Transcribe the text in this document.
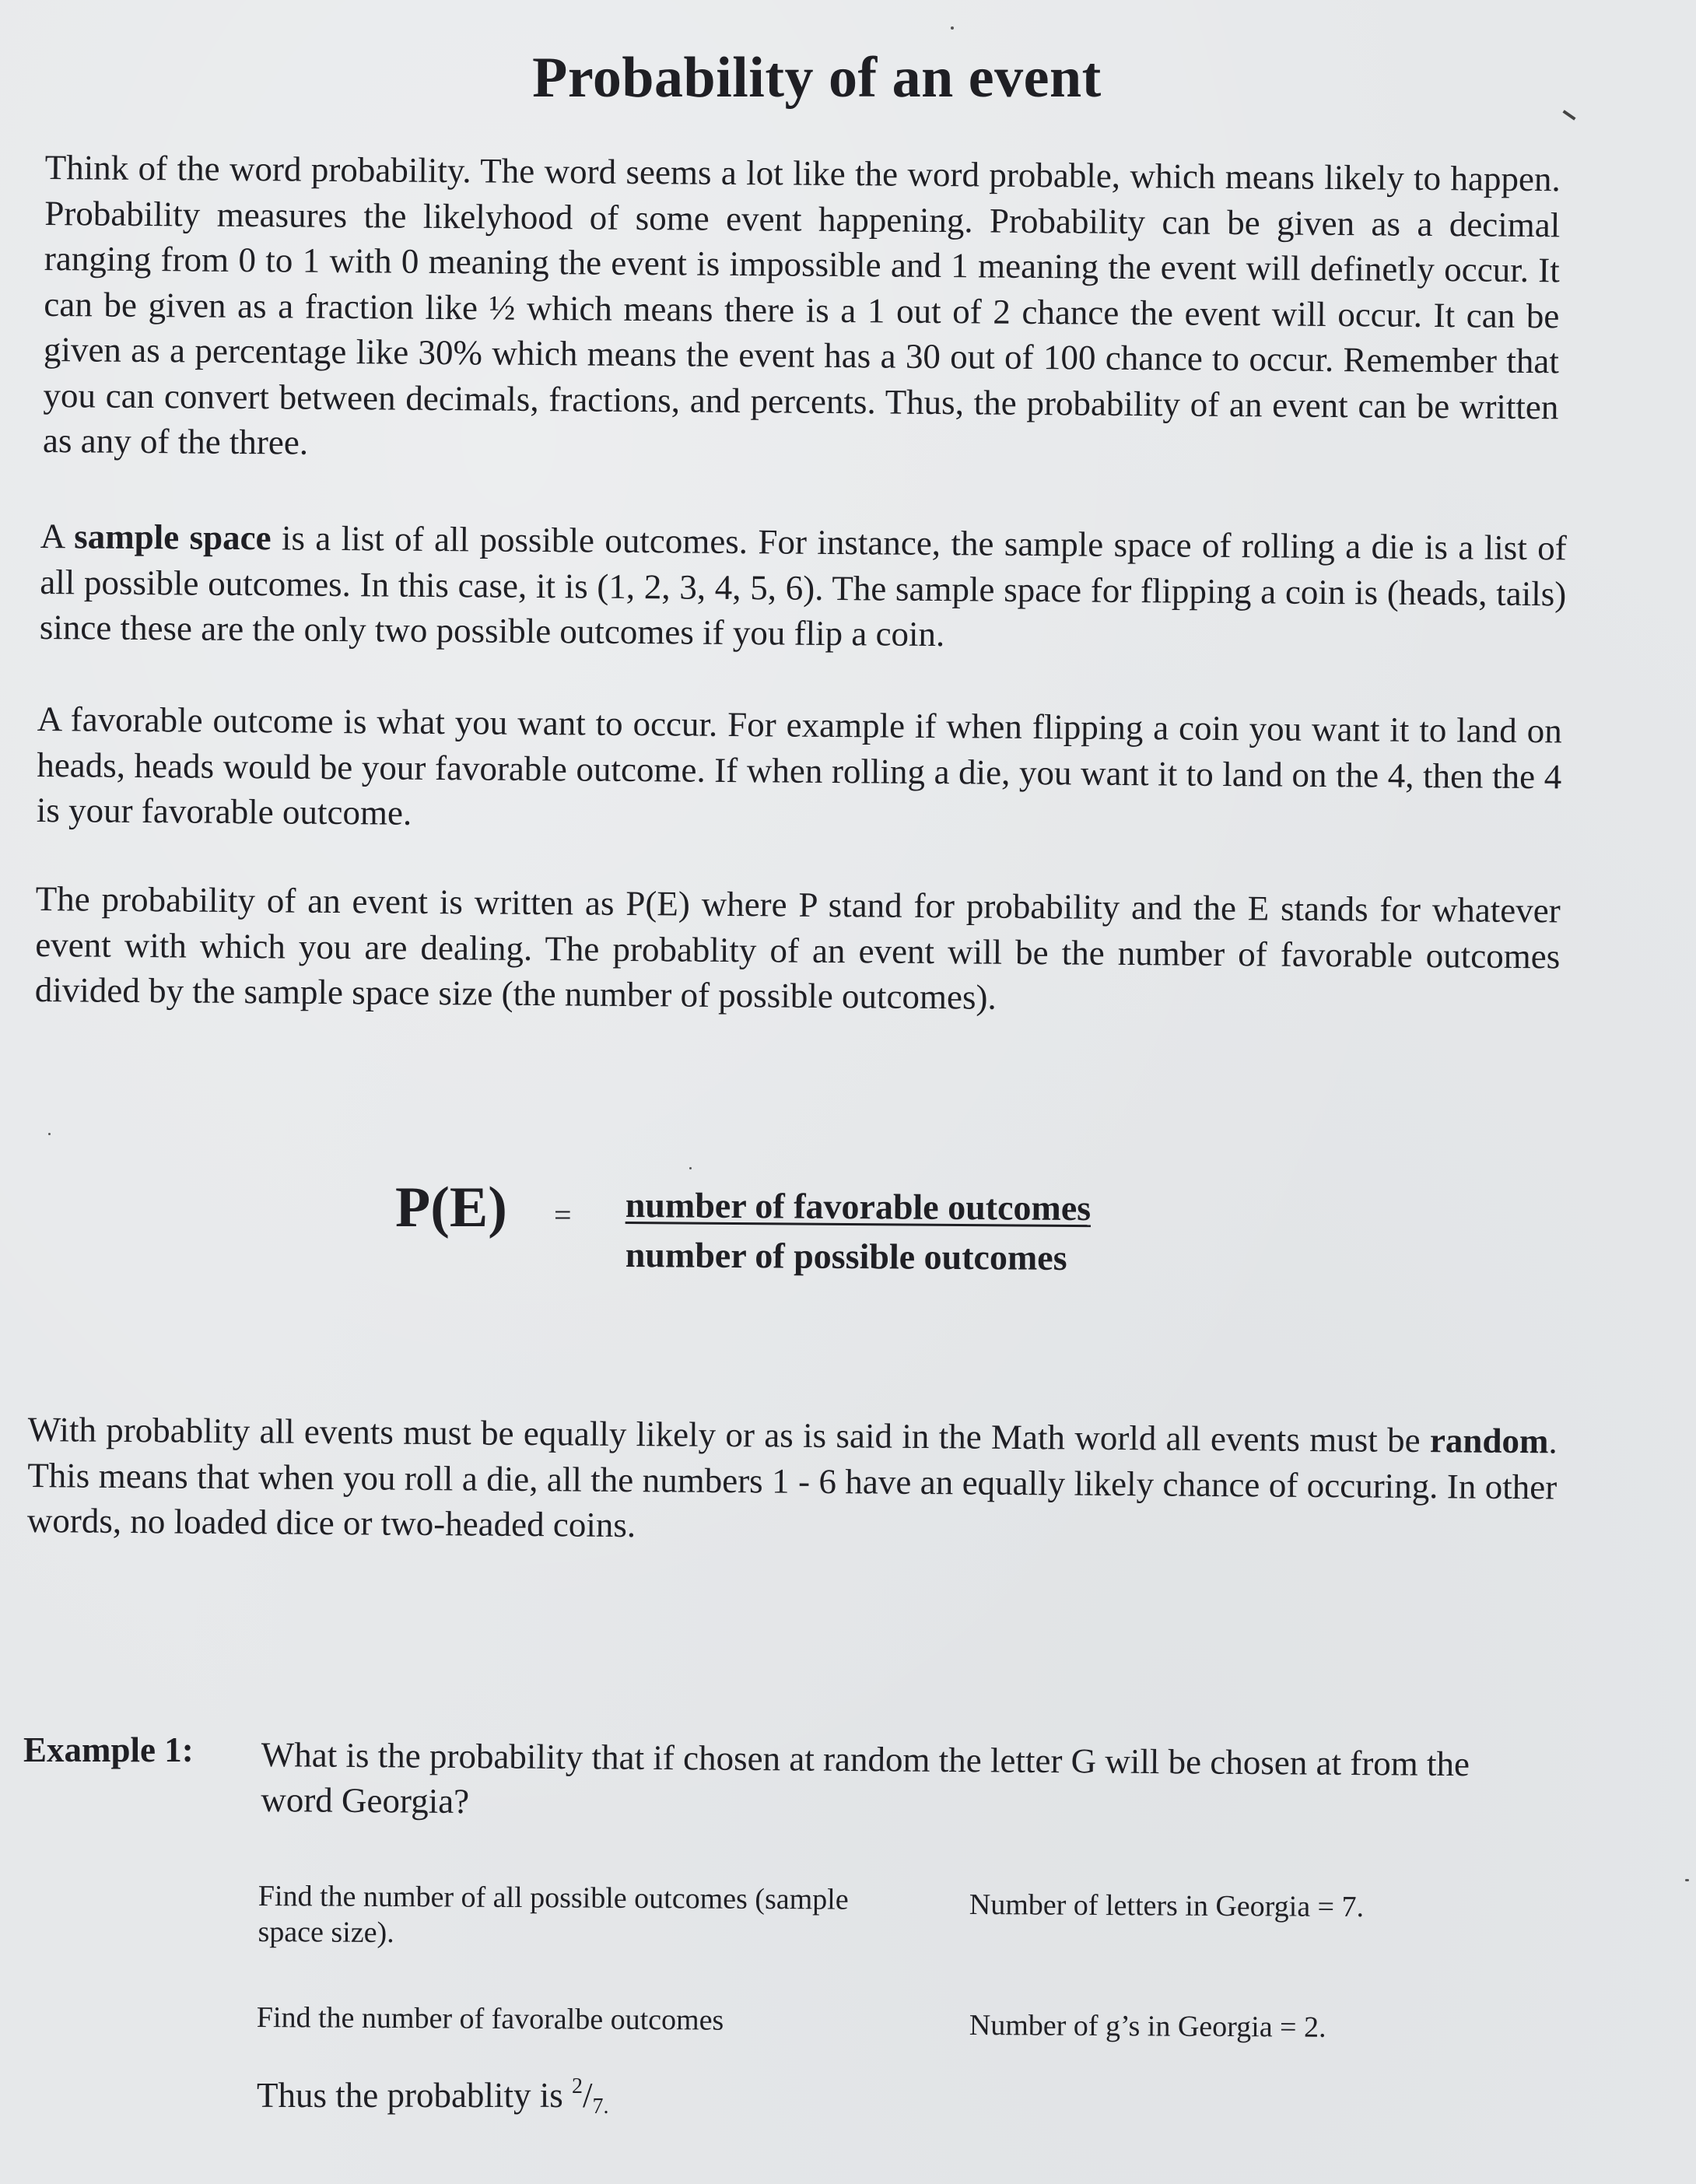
Probability of an event

Think of the word probability. The word seems a lot like the word probable, which means likely to happen. Probability measures the likelyhood of some event happening. Probability can be given as a decimal ranging from 0 to 1 with 0 meaning the event is impossible and 1 meaning the event will definetly occur. It can be given as a fraction like ½ which means there is a 1 out of 2 chance the event will occur. It can be given as a percentage like 30% which means the event has a 30 out of 100 chance to occur. Remember that you can convert between decimals, fractions, and percents. Thus, the probability of an event can be written as any of the three.

A sample space is a list of all possible outcomes. For instance, the sample space of rolling a die is a list of all possible outcomes. In this case, it is (1, 2, 3, 4, 5, 6). The sample space for flipping a coin is (heads, tails) since these are the only two possible outcomes if you flip a coin.

A favorable outcome is what you want to occur. For example if when flipping a coin you want it to land on heads, heads would be your favorable outcome. If when rolling a die, you want it to land on the 4, then the 4 is your favorable outcome.

The probability of an event is written as P(E) where P stand for probability and the E stands for whatever event with which you are dealing. The probablity of an event will be the number of favorable outcomes divided by the sample space size (the number of possible outcomes).

P(E) = number of favorable outcomes
number of possible outcomes

With probablity all events must be equally likely or as is said in the Math world all events must be random. This means that when you roll a die, all the numbers 1 - 6 have an equally likely chance of occuring. In other words, no loaded dice or two-headed coins.

Example 1: What is the probability that if chosen at random the letter G will be chosen at from the word Georgia?

Find the number of all possible outcomes (sample space size).

Number of letters in Georgia = 7.

Find the number of favoralbe outcomes	Number of g’s in Georgia = 2.

Thus the probablity is $^2/_{7.}$
